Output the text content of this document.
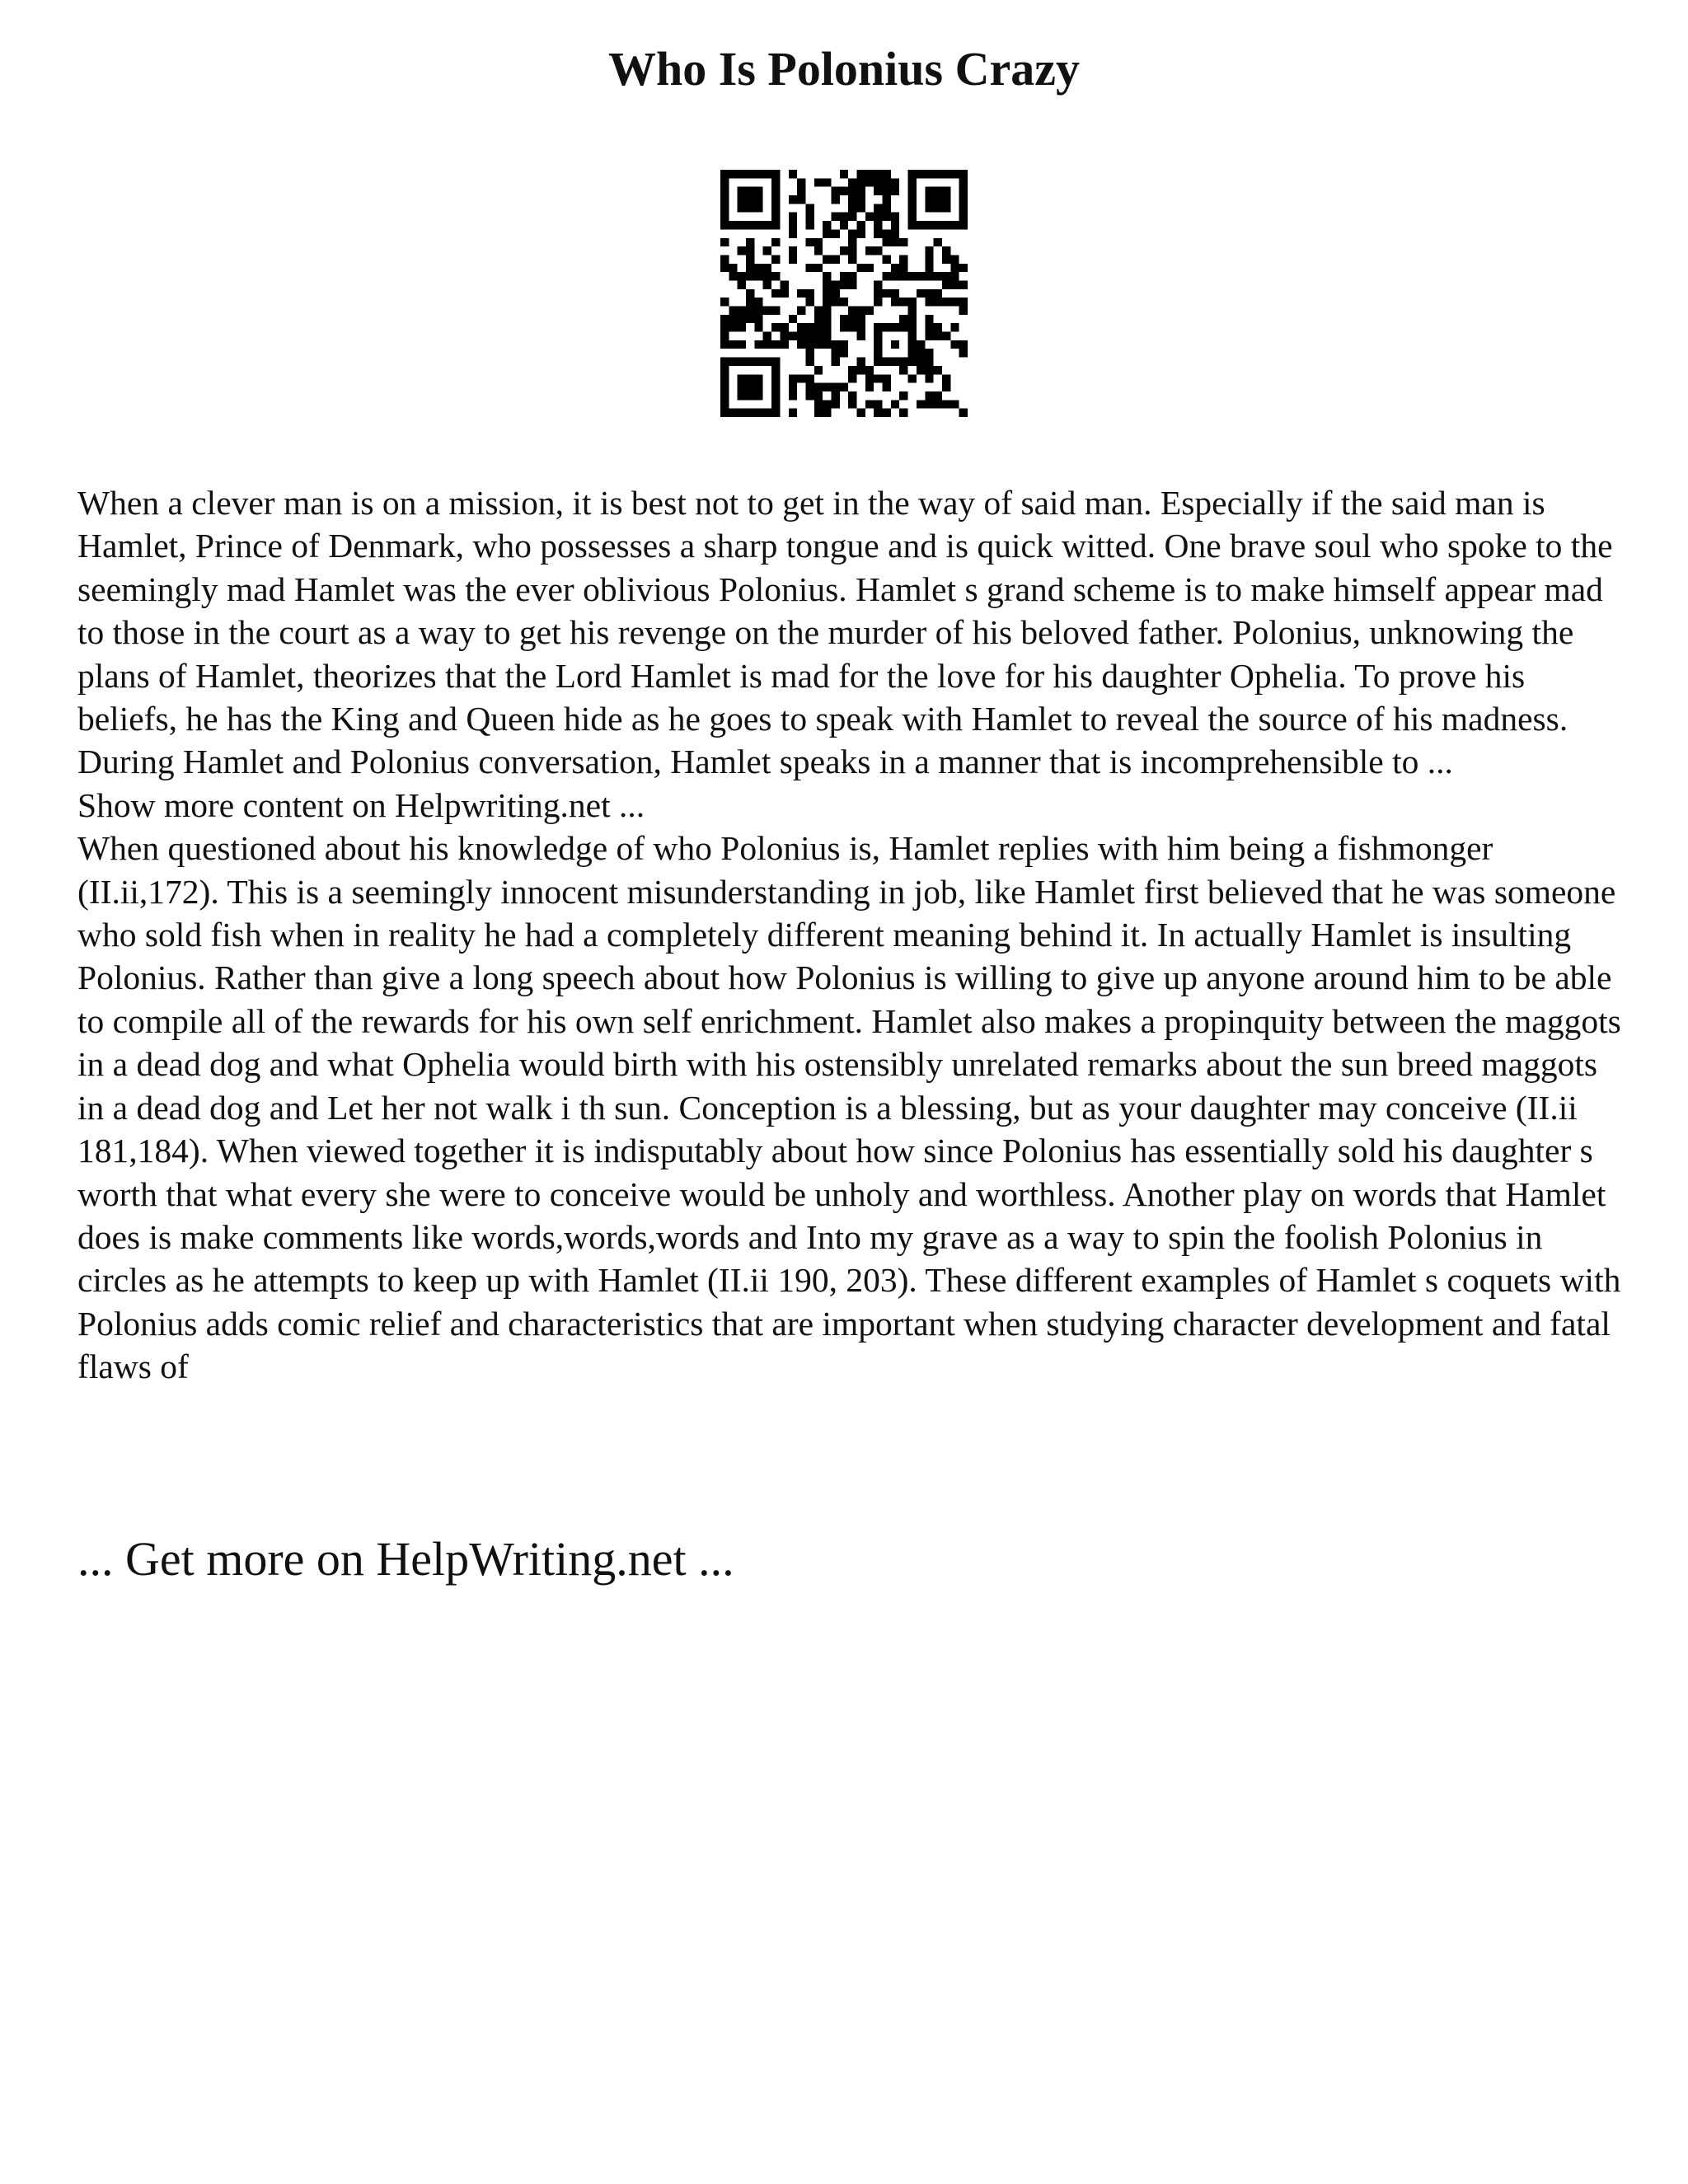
Who Is Polonius Crazy

When a clever man is on a mission, it is best not to get in the way of said man. Especially if the said man is Hamlet, Prince of Denmark, who possesses a sharp tongue and is quick witted. One brave soul who spoke to the seemingly mad Hamlet was the ever oblivious Polonius. Hamlet s grand scheme is to make himself appear mad to those in the court as a way to get his revenge on the murder of his beloved father. Polonius, unknowing the plans of Hamlet, theorizes that the Lord Hamlet is mad for the love for his daughter Ophelia. To prove his beliefs, he has the King and Queen hide as he goes to speak with Hamlet to reveal the source of his madness.

During Hamlet and Polonius conversation, Hamlet speaks in a manner that is incomprehensible to ...

Show more content on Helpwriting.net ...

When questioned about his knowledge of who Polonius is, Hamlet replies with him being a fishmonger (II.ii,172). This is a seemingly innocent misunderstanding in job, like Hamlet first believed that he was someone who sold fish when in reality he had a completely different meaning behind it. In actually Hamlet is insulting Polonius. Rather than give a long speech about how Polonius is willing to give up anyone around him to be able to compile all of the rewards for his own self enrichment. Hamlet also makes a propinquity between the maggots in a dead dog and what Ophelia would birth with his ostensibly unrelated remarks about the sun breed maggots in a dead dog and Let her not walk i th sun. Conception is a blessing, but as your daughter may conceive (II.ii 181,184). When viewed together it is indisputably about how since Polonius has essentially sold his daughter s worth that what every she were to conceive would be unholy and worthless. Another play on words that Hamlet does is make comments like words,words,words and Into my grave as a way to spin the foolish Polonius in circles as he attempts to keep up with Hamlet (II.ii 190, 203). These different examples of Hamlet s coquets with Polonius adds comic relief and characteristics that are important when studying character development and fatal flaws of

... Get more on HelpWriting.net ...
